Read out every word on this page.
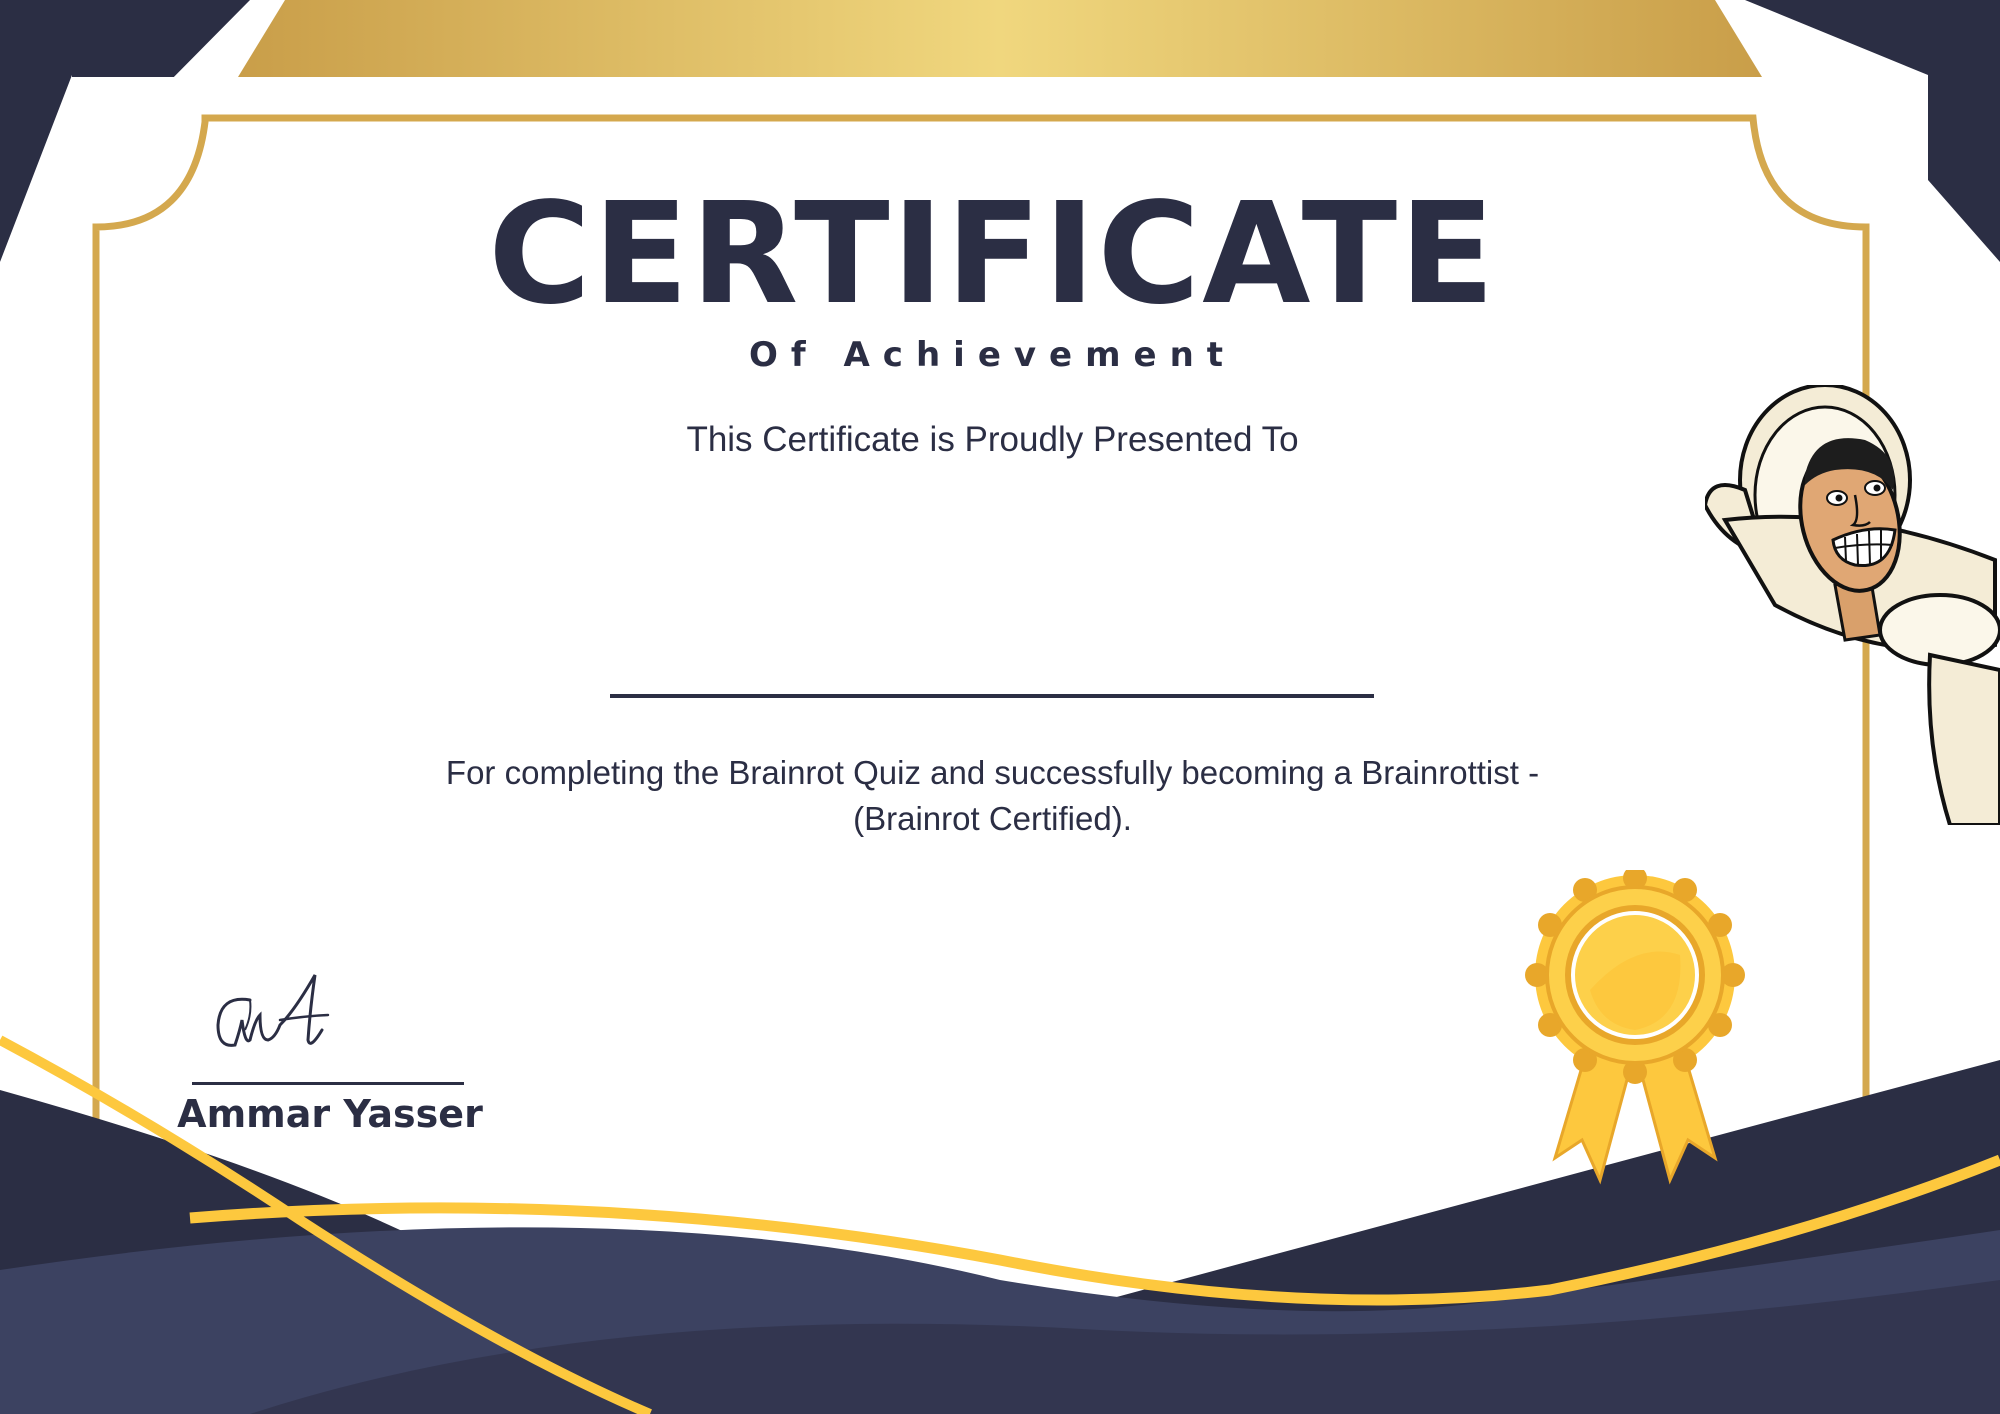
CERTIFICATE
Of Achievement
This Certificate is Proudly Presented To
For completing the Brainrot Quiz and successfully becoming a Brainrottist - (Brainrot Certified).
Ammar Yasser
